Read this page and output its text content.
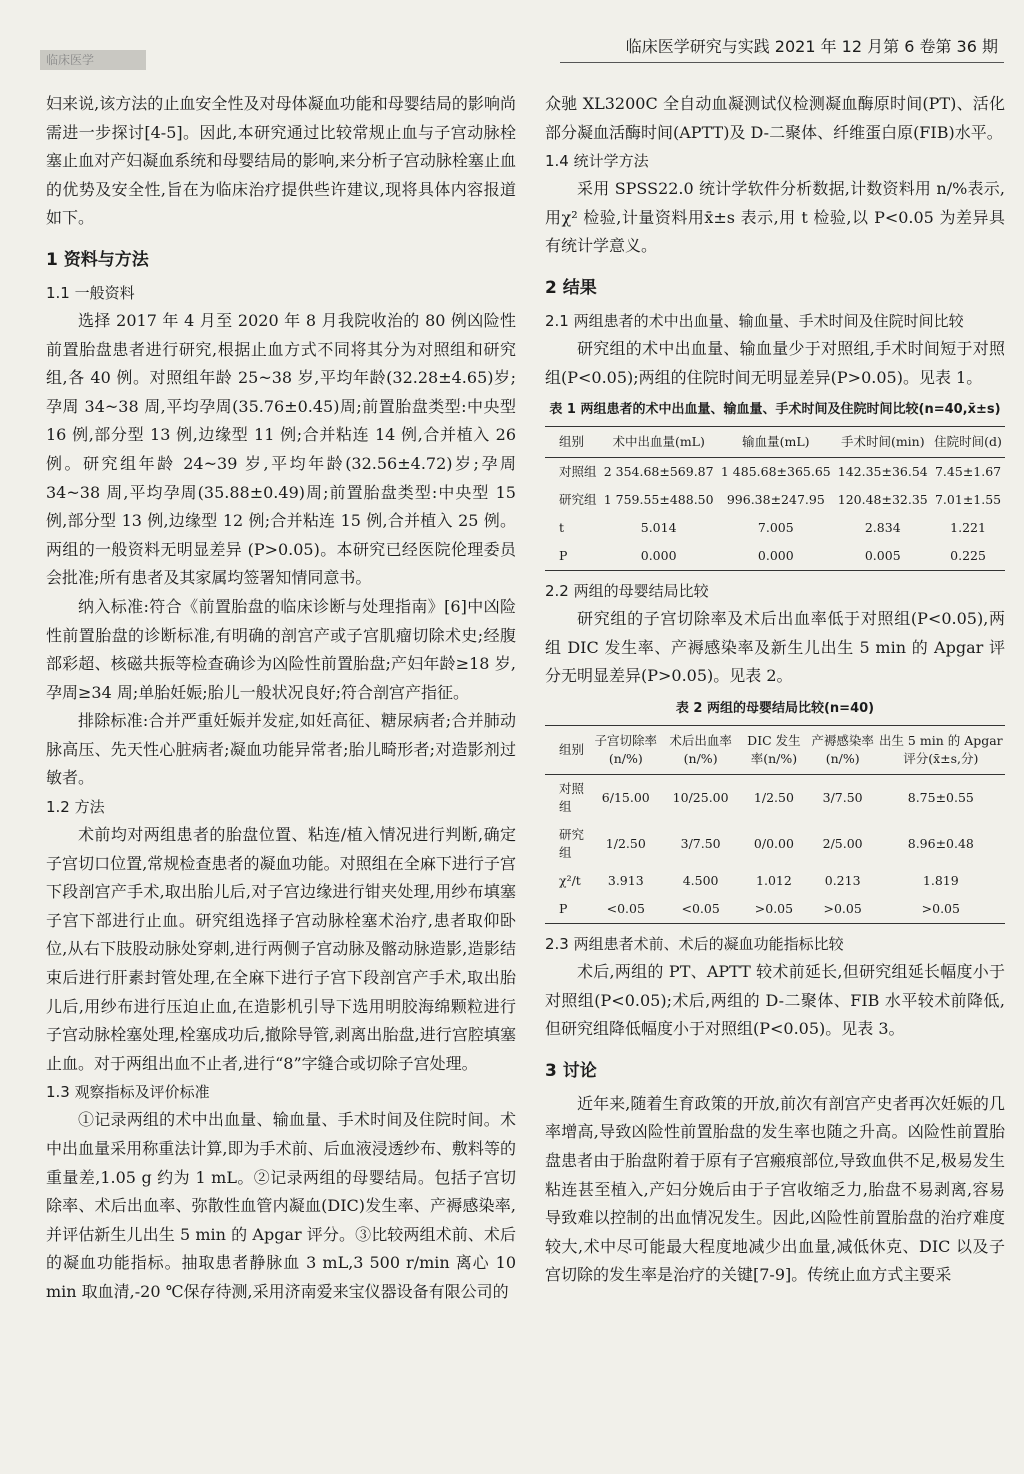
临床医学
临床医学研究与实践 2021 年 12 月第 6 卷第 36 期

妇来说,该方法的止血安全性及对母体凝血功能和母婴结局的影响尚需进一步探讨[4-5]。因此,本研究通过比较常规止血与子宫动脉栓塞止血对产妇凝血系统和母婴结局的影响,来分析子宫动脉栓塞止血的优势及安全性,旨在为临床治疗提供些许建议,现将具体内容报道如下。

1 资料与方法
1.1 一般资料

选择 2017 年 4 月至 2020 年 8 月我院收治的 80 例凶险性前置胎盘患者进行研究,根据止血方式不同将其分为对照组和研究组,各 40 例。对照组年龄 25~38 岁,平均年龄(32.28±4.65)岁;孕周 34~38 周,平均孕周(35.76±0.45)周;前置胎盘类型:中央型 16 例,部分型 13 例,边缘型 11 例;合并粘连 14 例,合并植入 26 例。研究组年龄 24~39 岁,平均年龄(32.56±4.72)岁;孕周 34~38 周,平均孕周(35.88±0.49)周;前置胎盘类型:中央型 15 例,部分型 13 例,边缘型 12 例;合并粘连 15 例,合并植入 25 例。两组的一般资料无明显差异 (P>0.05)。本研究已经医院伦理委员会批准;所有患者及其家属均签署知情同意书。

纳入标准:符合《前置胎盘的临床诊断与处理指南》[6]中凶险性前置胎盘的诊断标准,有明确的剖宫产或子宫肌瘤切除术史;经腹部彩超、核磁共振等检查确诊为凶险性前置胎盘;产妇年龄≥18 岁,孕周≥34 周;单胎妊娠;胎儿一般状况良好;符合剖宫产指征。

排除标准:合并严重妊娠并发症,如妊高征、糖尿病者;合并肺动脉高压、先天性心脏病者;凝血功能异常者;胎儿畸形者;对造影剂过敏者。

1.2 方法

术前均对两组患者的胎盘位置、粘连/植入情况进行判断,确定子宫切口位置,常规检查患者的凝血功能。对照组在全麻下进行子宫下段剖宫产手术,取出胎儿后,对子宫边缘进行钳夹处理,用纱布填塞子宫下部进行止血。研究组选择子宫动脉栓塞术治疗,患者取仰卧位,从右下肢股动脉处穿刺,进行两侧子宫动脉及髂动脉造影,造影结束后进行肝素封管处理,在全麻下进行子宫下段剖宫产手术,取出胎儿后,用纱布进行压迫止血,在造影机引导下选用明胶海绵颗粒进行子宫动脉栓塞处理,栓塞成功后,撤除导管,剥离出胎盘,进行宫腔填塞止血。对于两组出血不止者,进行“8”字缝合或切除子宫处理。

1.3 观察指标及评价标准

①记录两组的术中出血量、输血量、手术时间及住院时间。术中出血量采用称重法计算,即为手术前、后血液浸透纱布、敷料等的重量差,1.05 g 约为 1 mL。②记录两组的母婴结局。包括子宫切除率、术后出血率、弥散性血管内凝血(DIC)发生率、产褥感染率,并评估新生儿出生 5 min 的 Apgar 评分。③比较两组术前、术后的凝血功能指标。抽取患者静脉血 3 mL,3 500 r/min 离心 10 min 取血清,-20 ℃保存待测,采用济南爱来宝仪器设备有限公司的

众驰 XL3200C 全自动血凝测试仪检测凝血酶原时间(PT)、活化部分凝血活酶时间(APTT)及 D-二聚体、纤维蛋白原(FIB)水平。

1.4 统计学方法

采用 SPSS22.0 统计学软件分析数据,计数资料用 n/%表示,用χ² 检验,计量资料用x̄±s 表示,用 t 检验,以 P<0.05 为差异具有统计学意义。

2 结果
2.1 两组患者的术中出血量、输血量、手术时间及住院时间比较

研究组的术中出血量、输血量少于对照组,手术时间短于对照组(P<0.05);两组的住院时间无明显差异(P>0.05)。见表 1。

表 1 两组患者的术中出血量、输血量、手术时间及住院时间比较(n=40,x̄±s)
组别	术中出血量(mL)	输血量(mL)	手术时间(min)	住院时间(d)
对照组	2 354.68±569.87	1 485.68±365.65	142.35±36.54	7.45±1.67
研究组	1 759.55±488.50	996.38±247.95	120.48±32.35	7.01±1.55
t	5.014	7.005	2.834	1.221
P	0.000	0.000	0.005	0.225
2.2 两组的母婴结局比较

研究组的子宫切除率及术后出血率低于对照组(P<0.05),两组 DIC 发生率、产褥感染率及新生儿出生 5 min 的 Apgar 评分无明显差异(P>0.05)。见表 2。

表 2 两组的母婴结局比较(n=40)
组别	子宫切除率(n/%)	术后出血率(n/%)	DIC 发生率(n/%)	产褥感染率(n/%)	出生 5 min 的 Apgar 评分(x̄±s,分)
对照组	6/15.00	10/25.00	1/2.50	3/7.50	8.75±0.55
研究组	1/2.50	3/7.50	0/0.00	2/5.00	8.96±0.48
χ²/t	3.913	4.500	1.012	0.213	1.819
P	<0.05	<0.05	>0.05	>0.05	>0.05
2.3 两组患者术前、术后的凝血功能指标比较

术后,两组的 PT、APTT 较术前延长,但研究组延长幅度小于对照组(P<0.05);术后,两组的 D-二聚体、FIB 水平较术前降低,但研究组降低幅度小于对照组(P<0.05)。见表 3。

3 讨论

近年来,随着生育政策的开放,前次有剖宫产史者再次妊娠的几率增高,导致凶险性前置胎盘的发生率也随之升高。凶险性前置胎盘患者由于胎盘附着于原有子宫瘢痕部位,导致血供不足,极易发生粘连甚至植入,产妇分娩后由于子宫收缩乏力,胎盘不易剥离,容易导致难以控制的出血情况发生。因此,凶险性前置胎盘的治疗难度较大,术中尽可能最大程度地减少出血量,减低休克、DIC 以及子宫切除的发生率是治疗的关键[7-9]。传统止血方式主要采
